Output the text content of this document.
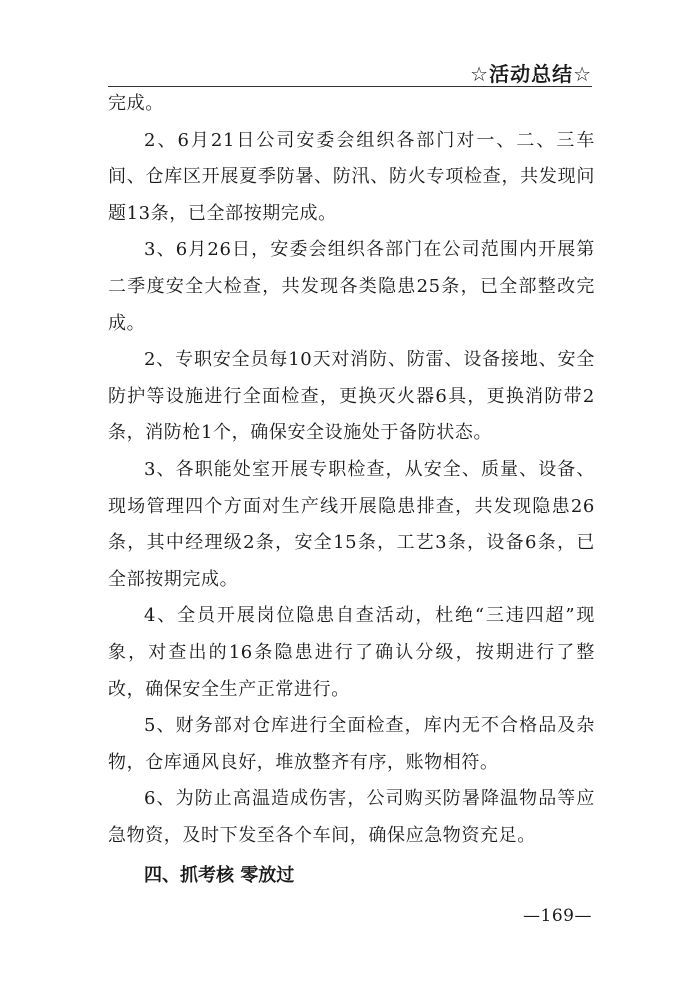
☆活动总结☆

完成。

2、6月21日公司安委会组织各部门对一、二、三车间、仓库区开展夏季防暑、防汛、防火专项检查，共发现问题13条，已全部按期完成。

3、6月26日，安委会组织各部门在公司范围内开展第二季度安全大检查，共发现各类隐患25条，已全部整改完成。

2、专职安全员每10天对消防、防雷、设备接地、安全防护等设施进行全面检查，更换灭火器6具，更换消防带2条，消防枪1个，确保安全设施处于备防状态。

3、各职能处室开展专职检查，从安全、质量、设备、现场管理四个方面对生产线开展隐患排查，共发现隐患26条，其中经理级2条，安全15条，工艺3条，设备6条，已全部按期完成。

4、全员开展岗位隐患自查活动，杜绝“三违四超”现象，对查出的16条隐患进行了确认分级，按期进行了整改，确保安全生产正常进行。

5、财务部对仓库进行全面检查，库内无不合格品及杂物，仓库通风良好，堆放整齐有序，账物相符。

6、为防止高温造成伤害，公司购买防暑降温物品等应急物资，及时下发至各个车间，确保应急物资充足。

四、抓考核 零放过

—169—
